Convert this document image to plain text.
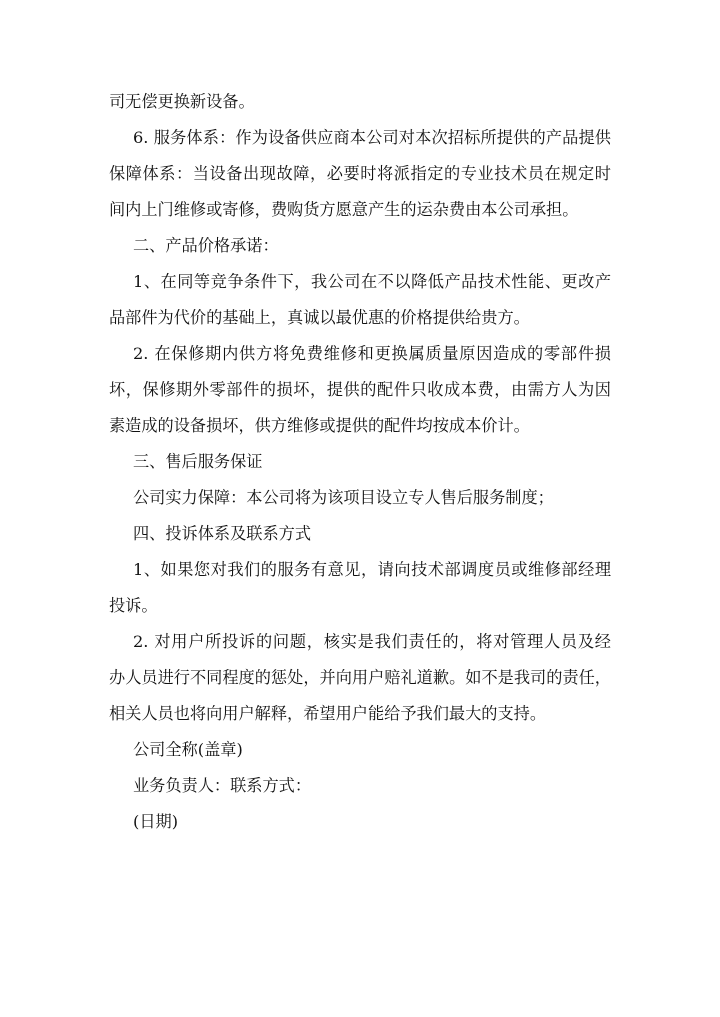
司无偿更换新设备。
6. 服务体系：作为设备供应商本公司对本次招标所提供的产品提供
保障体系：当设备出现故障，必要时将派指定的专业技术员在规定时
间内上门维修或寄修，费购货方愿意产生的运杂费由本公司承担。
二、产品价格承诺：
1、在同等竞争条件下，我公司在不以降低产品技术性能、更改产
品部件为代价的基础上，真诚以最优惠的价格提供给贵方。
2. 在保修期内供方将免费维修和更换属质量原因造成的零部件损
坏，保修期外零部件的损坏，提供的配件只收成本费，由需方人为因
素造成的设备损坏，供方维修或提供的配件均按成本价计。
三、售后服务保证
公司实力保障：本公司将为该项目设立专人售后服务制度；
四、投诉体系及联系方式
1、如果您对我们的服务有意见，请向技术部调度员或维修部经理
投诉。
2. 对用户所投诉的问题，核实是我们责任的，将对管理人员及经
办人员进行不同程度的惩处，并向用户赔礼道歉。如不是我司的责任，
相关人员也将向用户解释，希望用户能给予我们最大的支持。
公司全称(盖章)
业务负责人：联系方式：
(日期)
